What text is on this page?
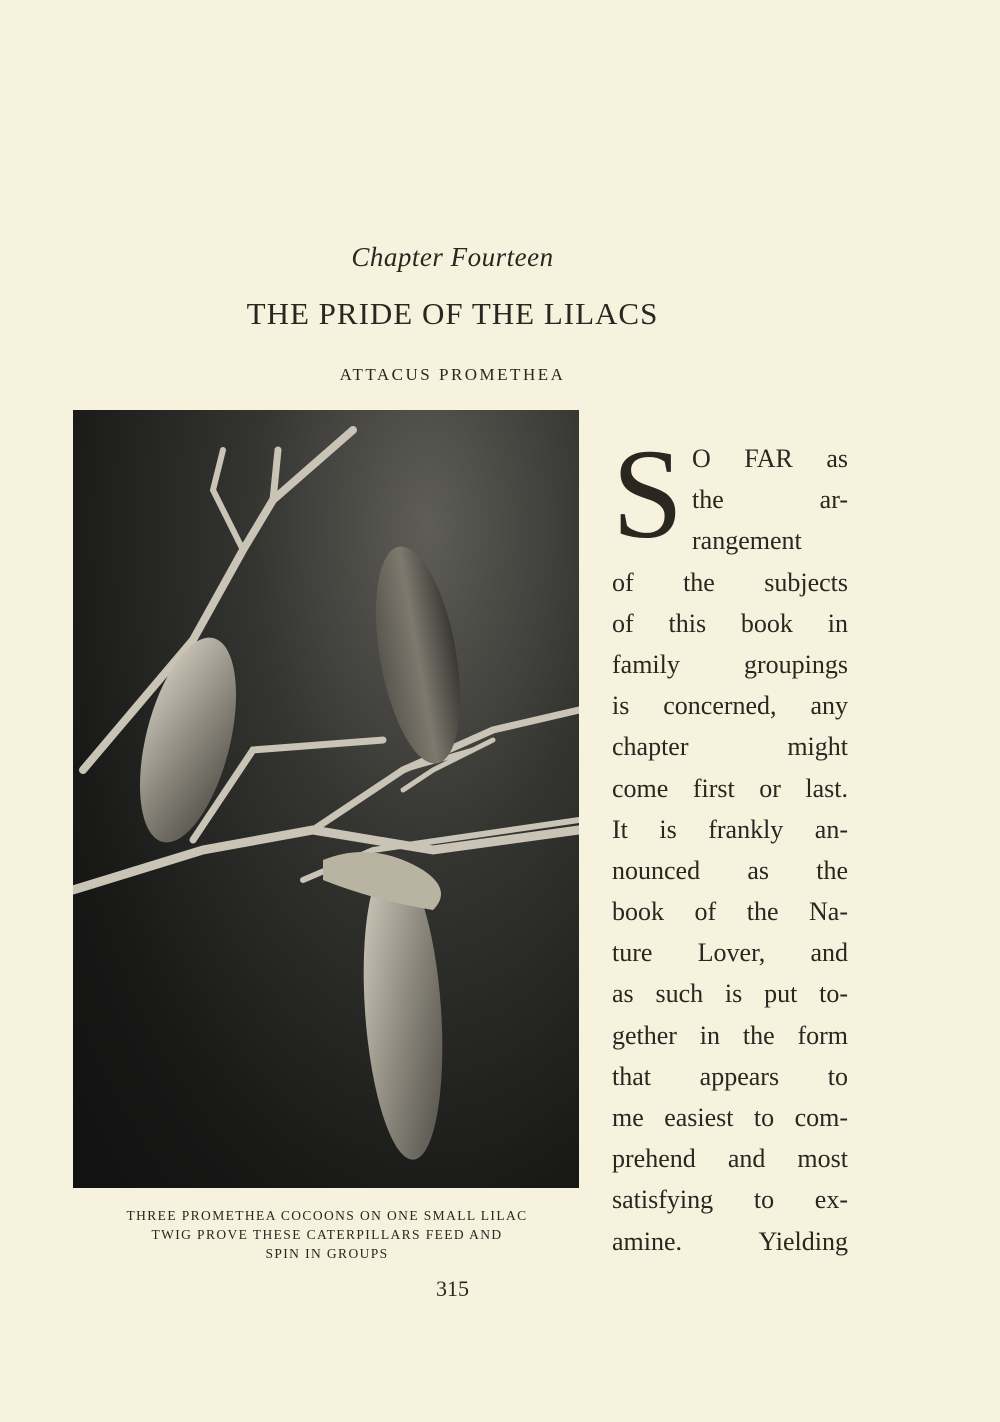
Chapter Fourteen
THE PRIDE OF THE LILACS
ATTACUS PROMETHEA
THREE PROMETHEA COCOONS ON ONE SMALL LILAC
TWIG PROVE THESE CATERPILLARS FEED AND
SPIN IN GROUPS
S O FAR as
the ar-
rangement
of the subjects
of this book in
family groupings
is concerned, any
chapter might
come first or last.
It is frankly an-
nounced as the
book of the Na-
ture Lover, and
as such is put to-
gether in the form
that appears to
me easiest to com-
prehend and most
satisfying to ex-
amine. Yielding
315
